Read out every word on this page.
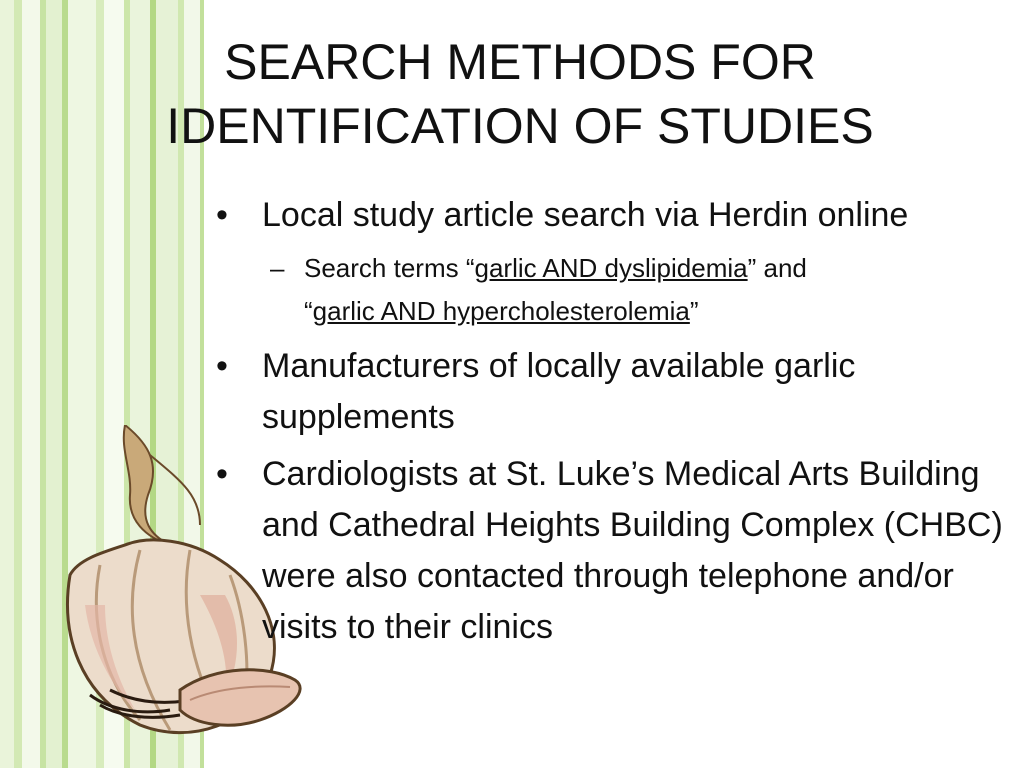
SEARCH METHODS FOR
IDENTIFICATION OF STUDIES
•	Local study article search via Herdin online
– Search terms “garlic AND dyslipidemia” and
“garlic AND hypercholesterolemia”
•	Manufacturers of locally available garlic supplements
•	Cardiologists at St. Luke’s Medical Arts Building and Cathedral Heights Building Complex (CHBC) were also contacted through telephone and/or visits to their clinics
